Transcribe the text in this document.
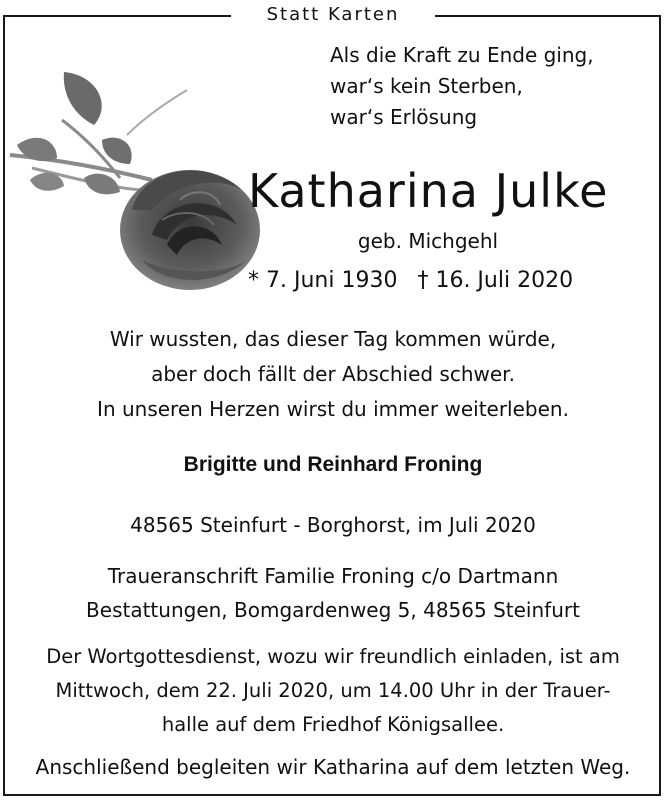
Statt Karten
Als die Kraft zu Ende ging,
war‘s kein Sterben,
war‘s Erlösung
Katharina Julke
geb. Michgehl
* 7. Juni 1930 † 16. Juli 2020
Wir wussten, das dieser Tag kommen würde,
aber doch fällt der Abschied schwer.
In unseren Herzen wirst du immer weiterleben.
Brigitte und Reinhard Froning
48565 Steinfurt - Borghorst, im Juli 2020
Traueranschrift Familie Froning c/o Dartmann
Bestattungen, Bomgardenweg 5, 48565 Steinfurt
Der Wortgottesdienst, wozu wir freundlich einladen, ist am
Mittwoch, dem 22. Juli 2020, um 14.00 Uhr in der Trauer-
halle auf dem Friedhof Königsallee.
Anschließend begleiten wir Katharina auf dem letzten Weg.
